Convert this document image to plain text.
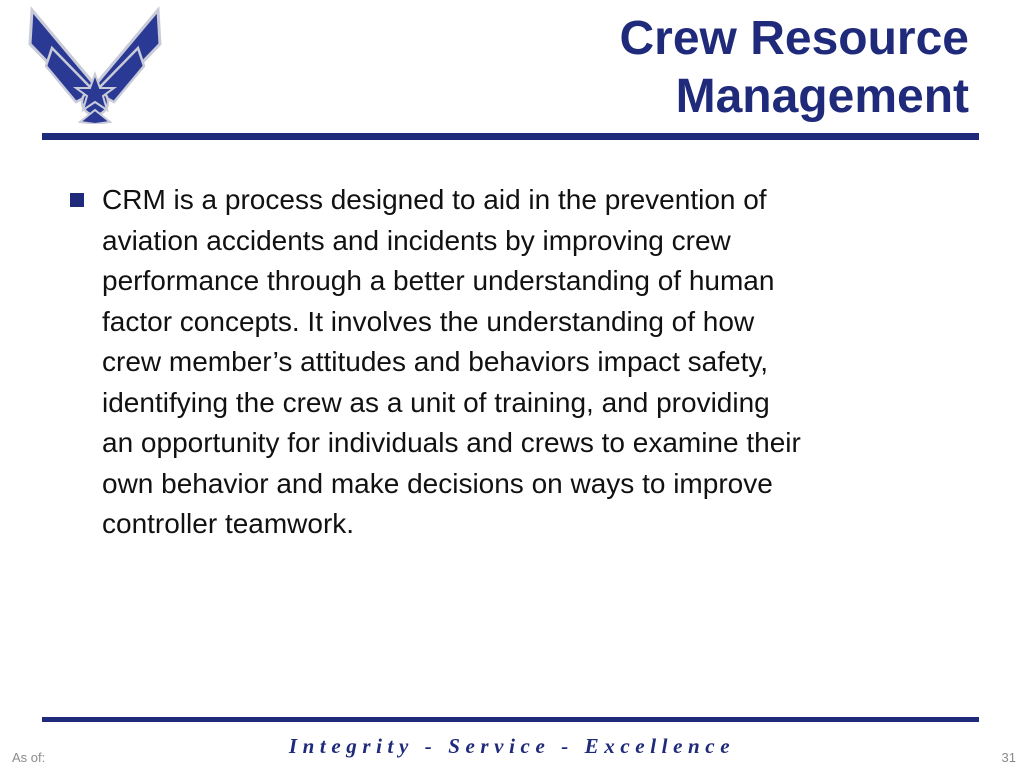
Crew Resource
Management
CRM is a process designed to aid in the prevention of
aviation accidents and incidents by improving crew
performance through a better understanding of human
factor concepts. It involves the understanding of how
crew member’s attitudes and behaviors impact safety,
identifying the crew as a unit of training, and providing
an opportunity for individuals and crews to examine their
own behavior and make decisions on ways to improve
controller teamwork.
Integrity - Service - Excellence
As of:	31
